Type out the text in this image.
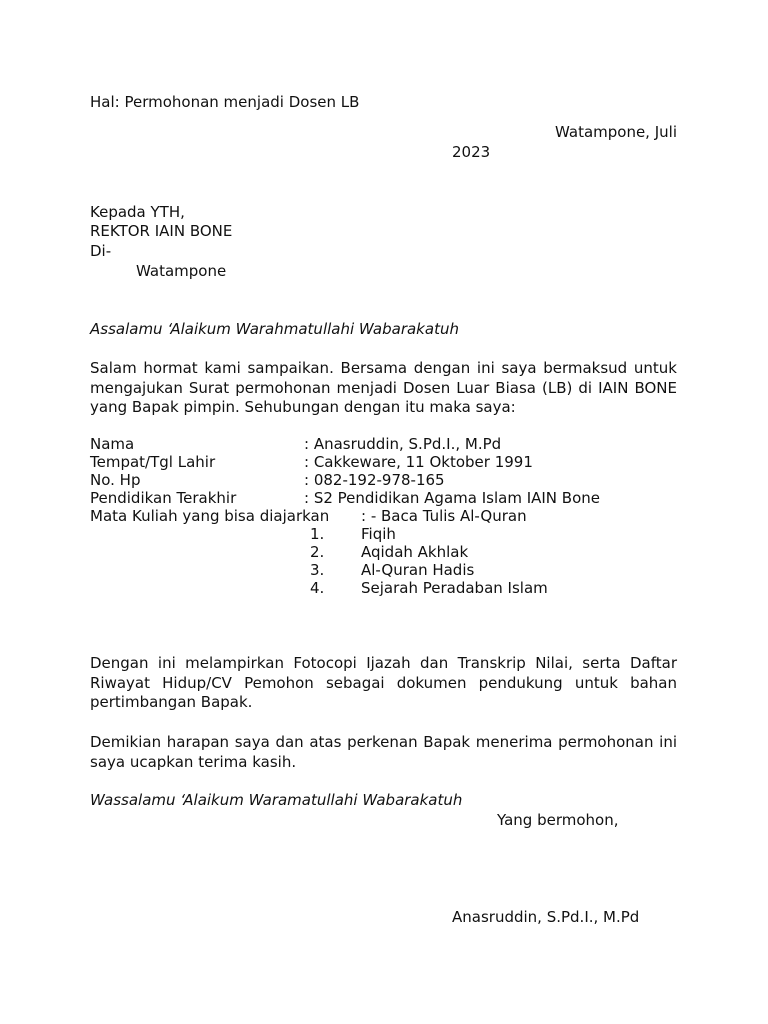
Hal: Permohonan menjadi Dosen LB
Watampone, Juli
2023
Kepada YTH,
REKTOR IAIN BONE
Di-
Watampone
Assalamu ‘Alaikum Warahmatullahi Wabarakatuh
Salam hormat kami sampaikan. Bersama dengan ini saya bermaksud untuk
mengajukan Surat permohonan menjadi Dosen Luar Biasa (LB) di IAIN BONE
yang Bapak pimpin. Sehubungan dengan itu maka saya:
Nama	: Anasruddin, S.Pd.I., M.Pd
Tempat/Tgl Lahir	: Cakkeware, 11 Oktober 1991
No. Hp	: 082-192-978-165
Pendidikan Terakhir	: S2 Pendidikan Agama Islam IAIN Bone
Mata Kuliah yang bisa diajarkan : - Baca Tulis Al-Quran
1. Fiqih
2. Aqidah Akhlak
3. Al-Quran Hadis
4. Sejarah Peradaban Islam
Dengan ini melampirkan Fotocopi Ijazah dan Transkrip Nilai, serta Daftar
Riwayat Hidup/CV Pemohon sebagai dokumen pendukung untuk bahan
pertimbangan Bapak.
Demikian harapan saya dan atas perkenan Bapak menerima permohonan ini
saya ucapkan terima kasih.
Wassalamu ‘Alaikum Waramatullahi Wabarakatuh
Yang bermohon,
Anasruddin, S.Pd.I., M.Pd
